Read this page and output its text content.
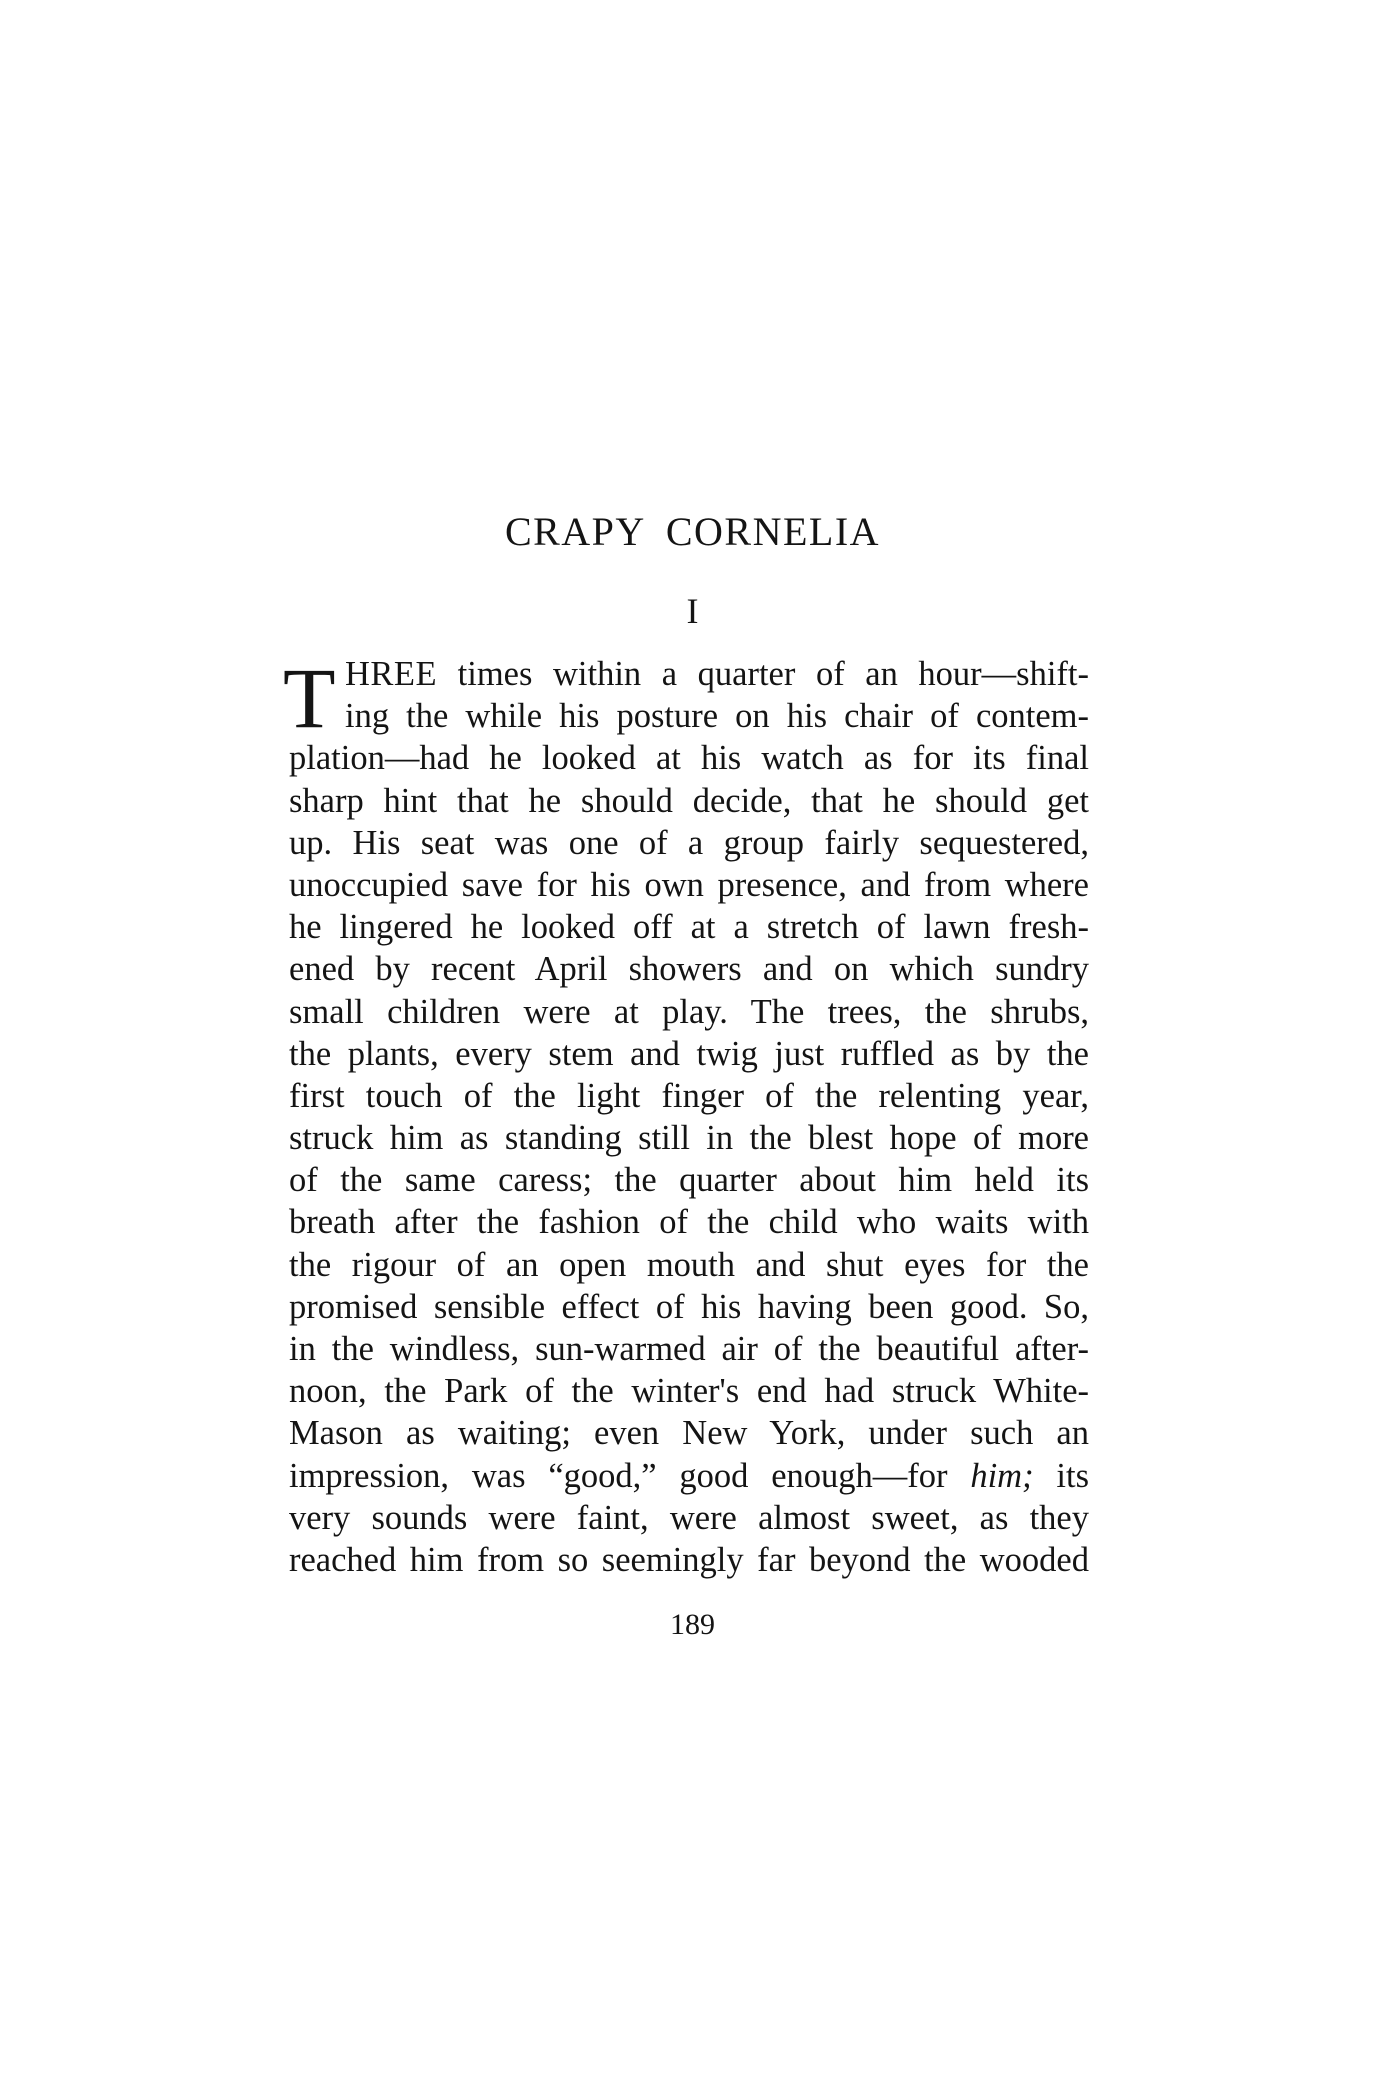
CRAPY CORNELIA
I
T HREE times within a quarter of an hour—shift-
ing the while his posture on his chair of contem-
plation—had he looked at his watch as for its final
sharp hint that he should decide, that he should get
up. His seat was one of a group fairly sequestered,
unoccupied save for his own presence, and from where
he lingered he looked off at a stretch of lawn fresh-
ened by recent April showers and on which sundry
small children were at play. The trees, the shrubs,
the plants, every stem and twig just ruffled as by the
first touch of the light finger of the relenting year,
struck him as standing still in the blest hope of more
of the same caress; the quarter about him held its
breath after the fashion of the child who waits with
the rigour of an open mouth and shut eyes for the
promised sensible effect of his having been good. So,
in the windless, sun-warmed air of the beautiful after-
noon, the Park of the winter's end had struck White-
Mason as waiting; even New York, under such an
impression, was “good,” good enough—for him; its
very sounds were faint, were almost sweet, as they
reached him from so seemingly far beyond the wooded
189
